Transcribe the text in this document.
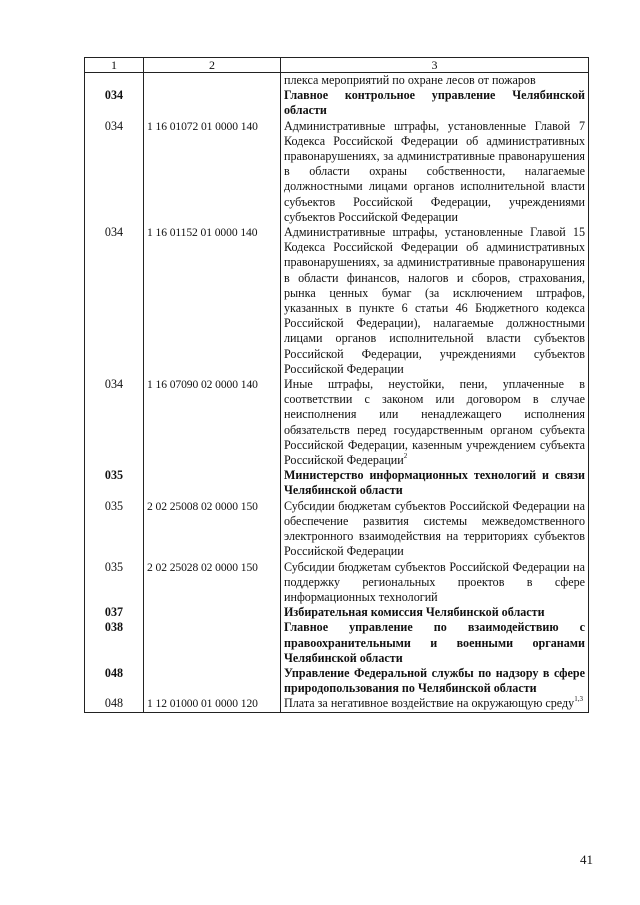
1	2	3
		плекса мероприятий по охране лесов от пожаров
034		Главное контрольное управление Челябинской области
034	1 16 01072 01 0000 140	Административные штрафы, установленные Главой 7 Кодекса Российской Федерации об административных правонарушениях, за административные правонарушения в области охраны собственности, налагаемые должностными лицами органов исполнительной власти субъектов Российской Федерации, учреждениями субъектов Российской Федерации
034	1 16 01152 01 0000 140	Административные штрафы, установленные Главой 15 Кодекса Российской Федерации об административных правонарушениях, за административные правонарушения в области финансов, налогов и сборов, страхования, рынка ценных бумаг (за исключением штрафов, указанных в пункте 6 статьи 46 Бюджетного кодекса Российской Федерации), налагаемые должностными лицами органов исполнительной власти субъектов Российской Федерации, учреждениями субъектов Российской Федерации
034	1 16 07090 02 0000 140	Иные штрафы, неустойки, пени, уплаченные в соответствии с законом или договором в случае неисполнения или ненадлежащего исполнения обязательств перед государственным органом субъекта Российской Федерации, казенным учреждением субъекта Российской Федерации$^2$
035		Министерство информационных технологий и связи Челябинской области
035	2 02 25008 02 0000 150	Субсидии бюджетам субъектов Российской Федерации на обеспечение развития системы межведомственного электронного взаимодействия на территориях субъектов Российской Федерации
035	2 02 25028 02 0000 150	Субсидии бюджетам субъектов Российской Федерации на поддержку региональных проектов в сфере информационных технологий
037		Избирательная комиссия Челябинской области
038		Главное управление по взаимодействию с правоохранительными и военными органами Челябинской области
048		Управление Федеральной службы по надзору в сфере природопользования по Челябинской области
048	1 12 01000 01 0000 120	Плата за негативное воздействие на окружающую среду$^{1,3}$
41
